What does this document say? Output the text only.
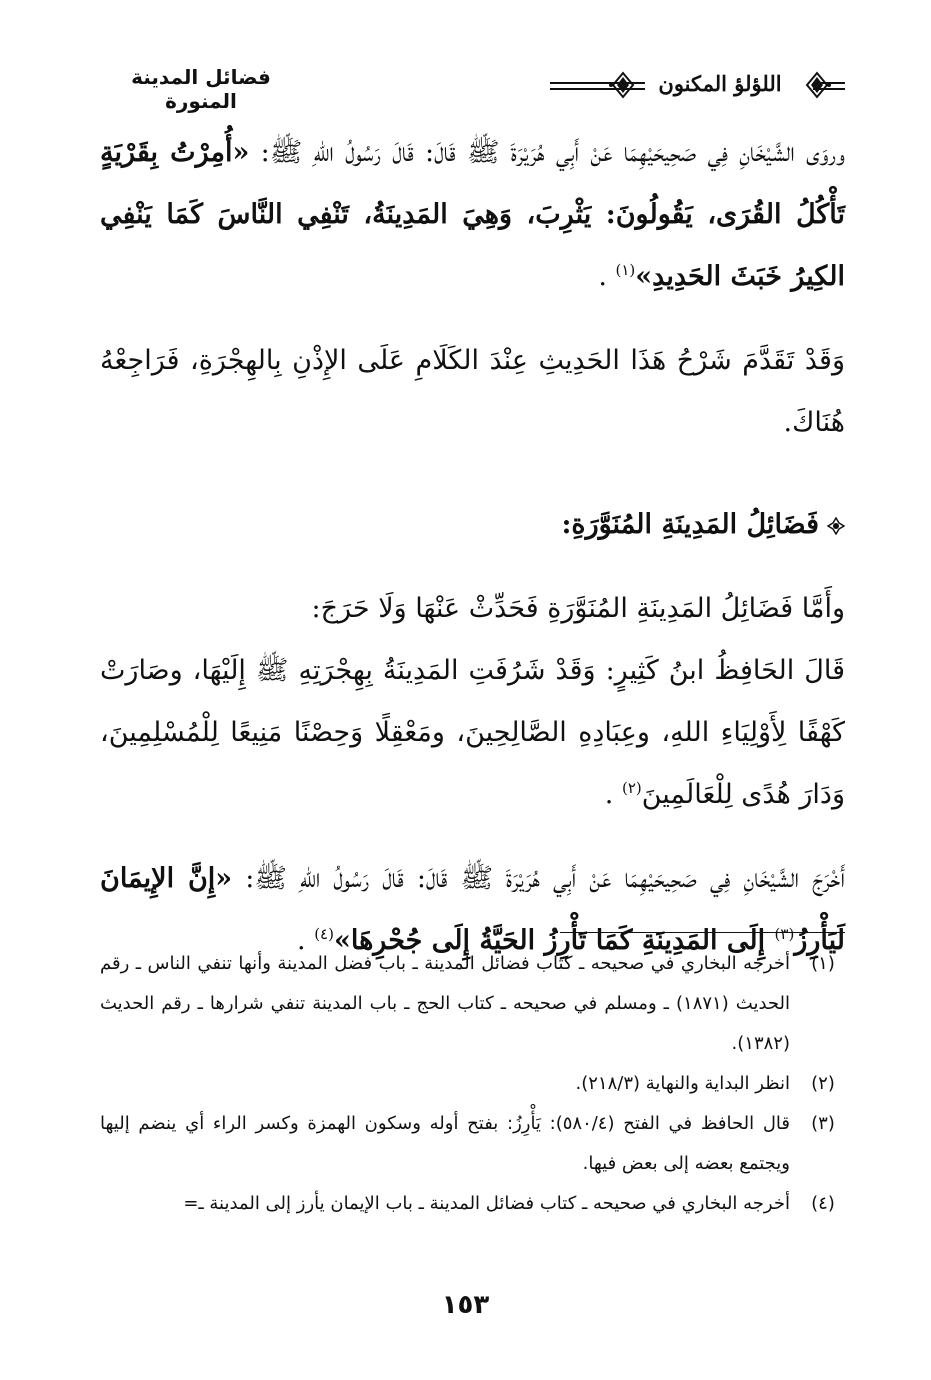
فضائل المدينة المنورة
اللؤلؤ المكنون

وروَى الشَّيْخَانِ فِي صَحِيحَيْهِمَا عَنْ أَبِي هُرَيْرَةَ ﷺ قَالَ: قَالَ رَسُولُ اللهِ ﷺ: «أُمِرْتُ بِقَرْيَةٍ تَأْكُلُ القُرَى، يَقُولُونَ: يَثْرِبَ، وَهِيَ المَدِينَةُ، تَنْفِي النَّاسَ كَمَا يَنْفِي الكِيرُ خَبَثَ الحَدِيدِ»$^{(١)}$ .

وَقَدْ تَقَدَّمَ شَرْحُ هَذَا الحَدِيثِ عِنْدَ الكَلَامِ عَلَى الإِذْنِ بِالهِجْرَةِ، فَرَاجِعْهُ هُنَاكَ.

فَضَائِلُ المَدِينَةِ المُنَوَّرَةِ:

وأَمَّا فَضَائِلُ المَدِينَةِ المُنَوَّرَةِ فَحَدِّثْ عَنْهَا وَلَا حَرَجَ:

قَالَ الحَافِظُ ابنُ كَثِيرٍ: وَقَدْ شَرُفَتِ المَدِينَةُ بِهِجْرَتِهِ ﷺ إِلَيْهَا، وصَارَتْ كَهْفًا لِأَوْلِيَاءِ اللهِ، وعِبَادِهِ الصَّالِحِينَ، ومَعْقِلًا وَحِصْنًا مَنِيعًا لِلْمُسْلِمِينَ، وَدَارَ هُدًى لِلْعَالَمِينَ$^{(٢)}$ .

أَخْرَجَ الشَّيْخَانِ فِي صَحِيحَيْهِمَا عَنْ أَبِي هُرَيْرَةَ ﷺ قَالَ: قَالَ رَسُولُ اللهِ ﷺ: «إِنَّ الإِيمَانَ لَيَأْرِزُ$^{(٣)}$ إِلَى المَدِينَةِ كَمَا تَأْرِزُ الحَيَّةُ إِلَى جُحْرِهَا»$^{(٤)}$ .

(١)
أخرجه البخاري في صحيحه ـ كتاب فضائل المدينة ـ باب فضل المدينة وأنها تنفي الناس ـ رقم الحديث (١٨٧١) ـ ومسلم في صحيحه ـ كتاب الحج ـ باب المدينة تنفي شرارها ـ رقم الحديث (١٣٨٢).
(٢)
انظر البداية والنهاية (٢١٨/٣).
(٣)
قال الحافظ في الفتح (٥٨٠/٤): يَأْرِزُ: بفتح أوله وسكون الهمزة وكسر الراء أي ينضم إليها ويجتمع بعضه إلى بعض فيها.
(٤)
أخرجه البخاري في صحيحه ـ كتاب فضائل المدينة ـ باب الإيمان يأرز إلى المدينة ـ=
١٥٣
